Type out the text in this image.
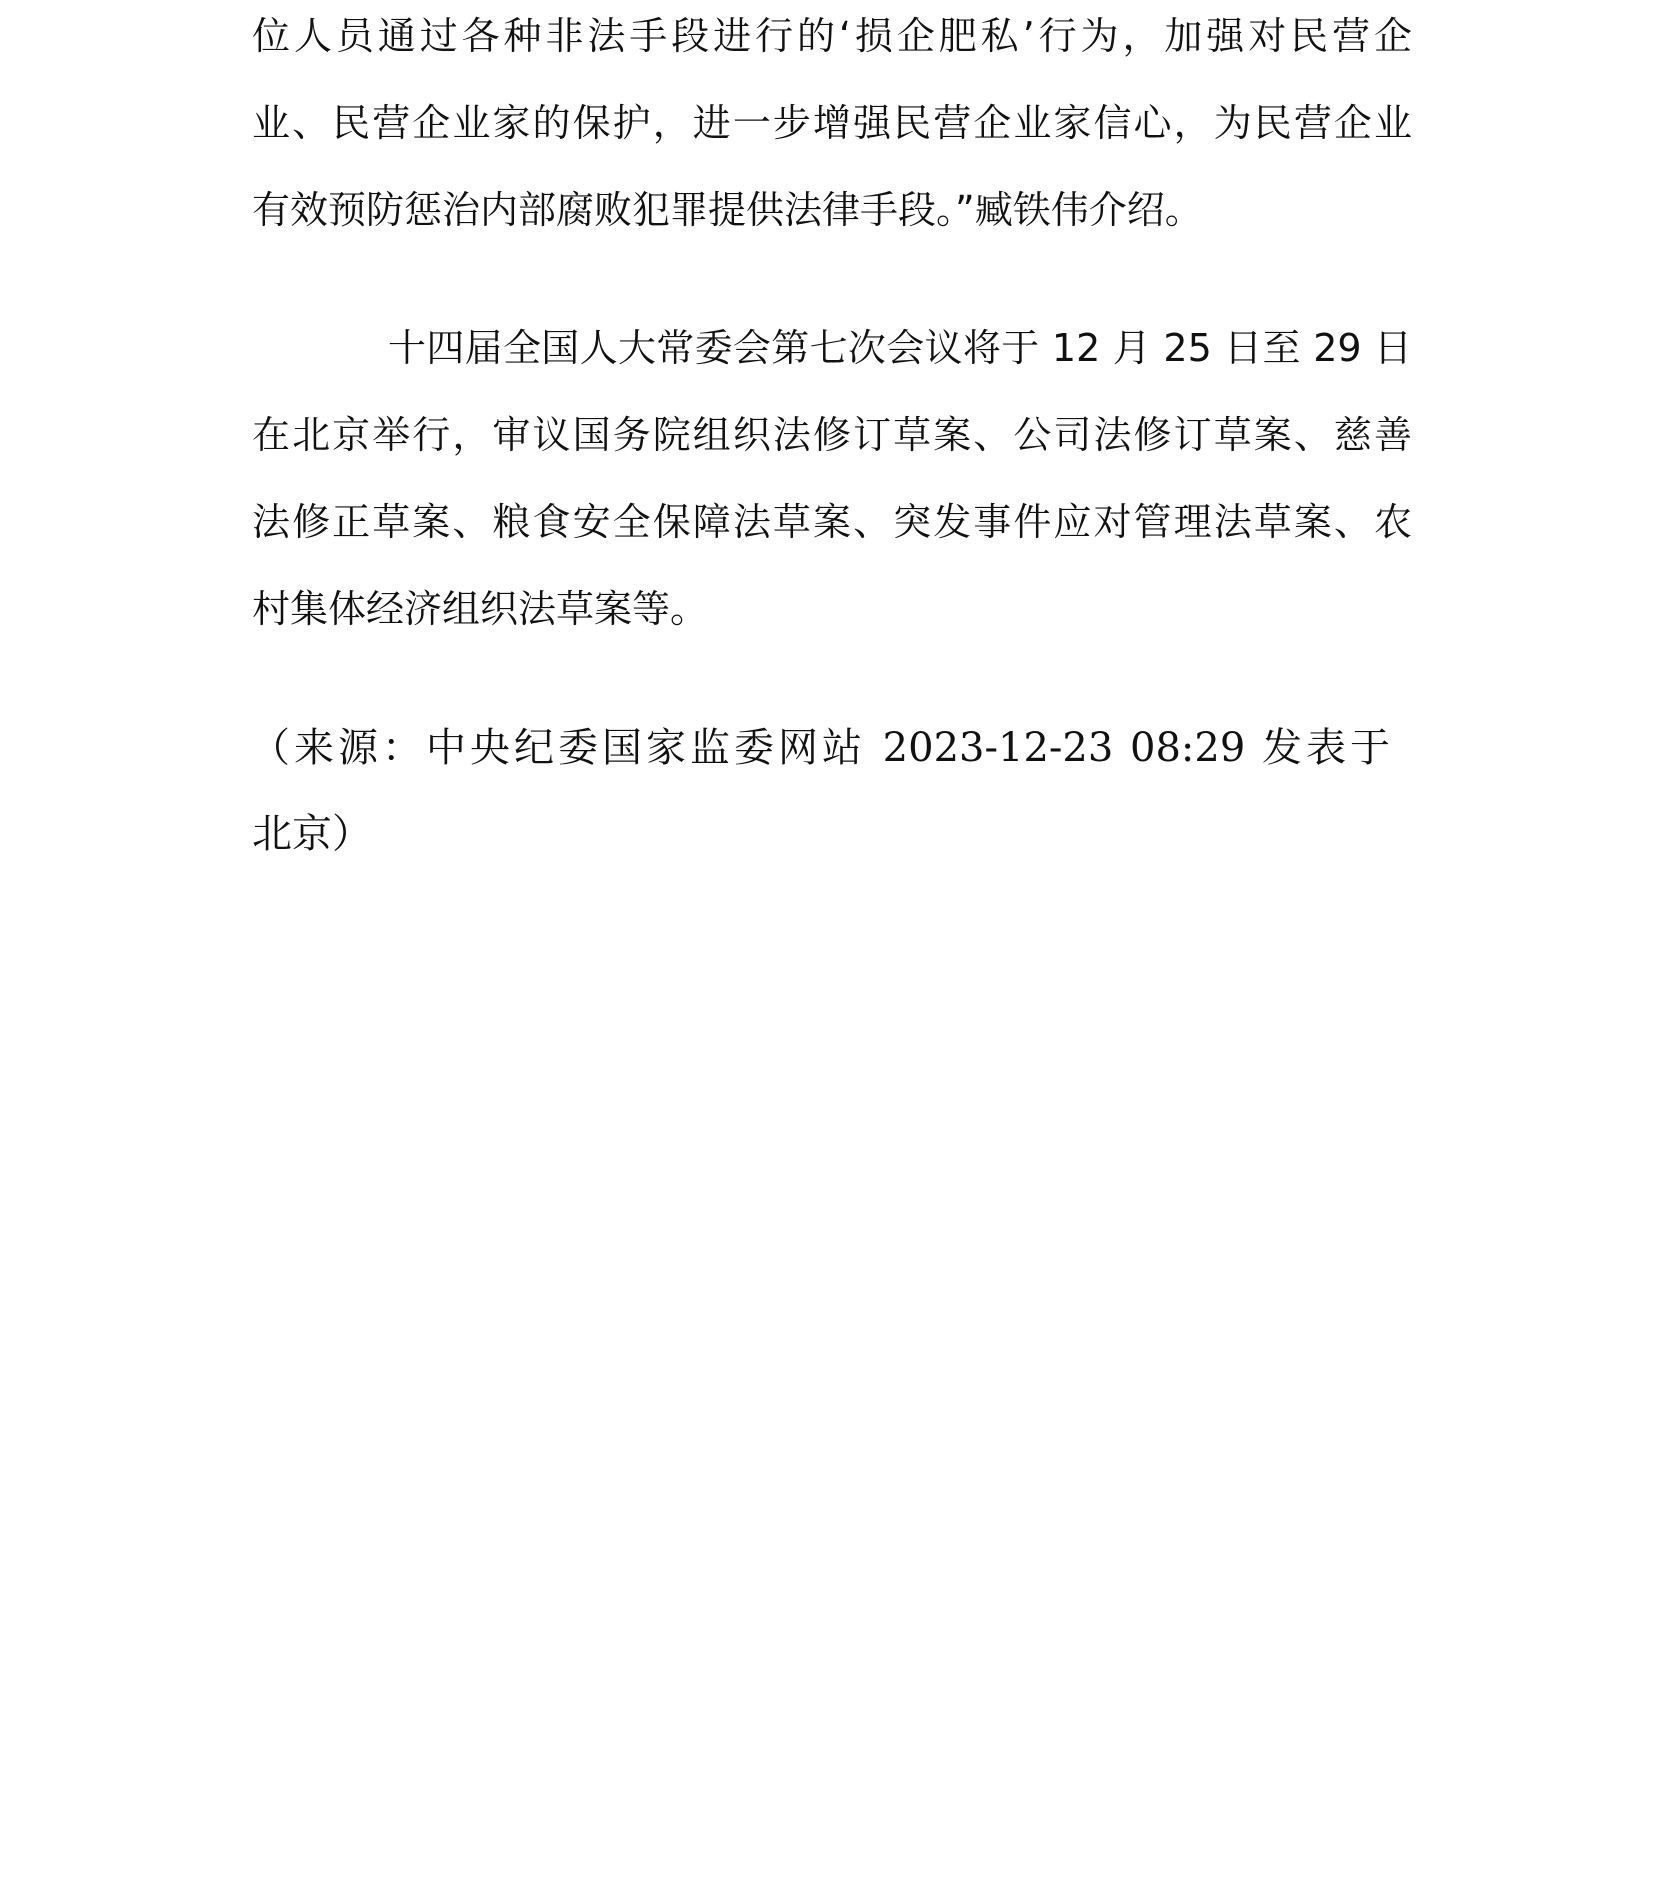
位人员通过各种非法手段进行的‘损企肥私’行为，加强对民营企
业、民营企业家的保护，进一步增强民营企业家信心，为民营企业
有效预防惩治内部腐败犯罪提供法律手段。”臧铁伟介绍。
十四届全国人大常委会第七次会议将于 12 月 25 日至 29 日
在北京举行，审议国务院组织法修订草案、公司法修订草案、慈善
法修正草案、粮食安全保障法草案、突发事件应对管理法草案、农
村集体经济组织法草案等。
（来源：中央纪委国家监委网站 2023-12-23 08:29 发表于
北京）
